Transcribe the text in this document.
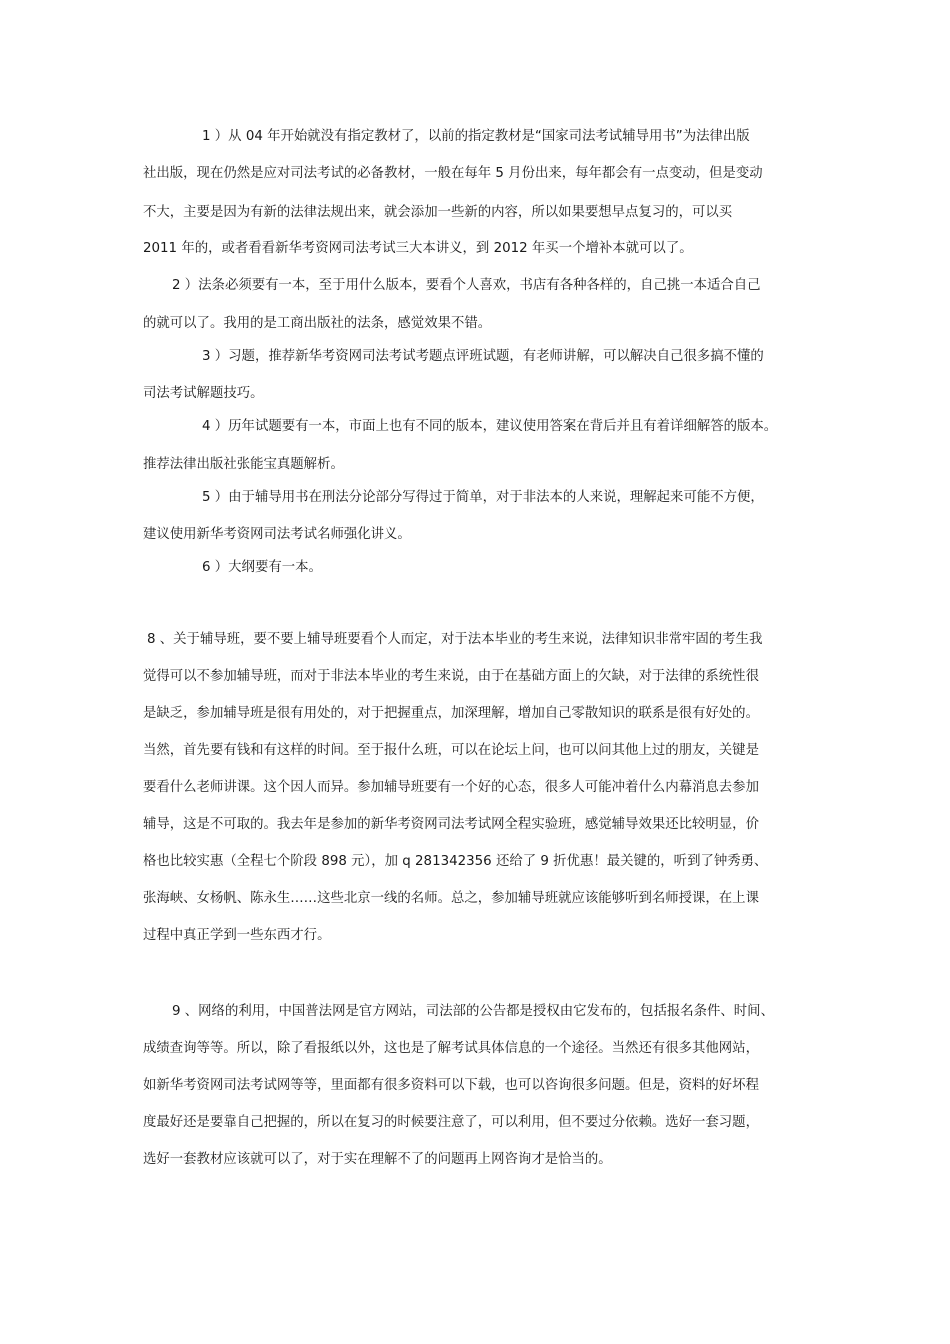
1 ）从 04 年开始就没有指定教材了，以前的指定教材是“国家司法考试辅导用书”为法律出版
社出版，现在仍然是应对司法考试的必备教材，一般在每年 5 月份出来，每年都会有一点变动，但是变动
不大，主要是因为有新的法律法规出来，就会添加一些新的内容，所以如果要想早点复习的，可以买
2011 年的，或者看看新华考资网司法考试三大本讲义，到 2012 年买一个增补本就可以了。
2 ）法条必须要有一本，至于用什么版本，要看个人喜欢，书店有各种各样的，自己挑一本适合自己
的就可以了。我用的是工商出版社的法条，感觉效果不错。
3 ）习题，推荐新华考资网司法考试考题点评班试题，有老师讲解，可以解决自己很多搞不懂的
司法考试解题技巧。
4 ）历年试题要有一本，市面上也有不同的版本，建议使用答案在背后并且有着详细解答的版本。
推荐法律出版社张能宝真题解析。
5 ）由于辅导用书在刑法分论部分写得过于简单，对于非法本的人来说，理解起来可能不方便，
建议使用新华考资网司法考试名师强化讲义。
6 ）大纲要有一本。
8 、关于辅导班，要不要上辅导班要看个人而定，对于法本毕业的考生来说，法律知识非常牢固的考生我
觉得可以不参加辅导班，而对于非法本毕业的考生来说，由于在基础方面上的欠缺，对于法律的系统性很
是缺乏，参加辅导班是很有用处的，对于把握重点，加深理解，增加自己零散知识的联系是很有好处的。
当然，首先要有钱和有这样的时间。至于报什么班，可以在论坛上问，也可以问其他上过的朋友，关键是
要看什么老师讲课。这个因人而异。参加辅导班要有一个好的心态，很多人可能冲着什么内幕消息去参加
辅导，这是不可取的。我去年是参加的新华考资网司法考试网全程实验班，感觉辅导效果还比较明显，价
格也比较实惠（全程七个阶段 898 元），加 q 281342356 还给了 9 折优惠！最关键的，听到了钟秀勇、
张海峡、女杨帆、陈永生……这些北京一线的名师。总之，参加辅导班就应该能够听到名师授课，在上课
过程中真正学到一些东西才行。
9 、网络的利用，中国普法网是官方网站，司法部的公告都是授权由它发布的，包括报名条件、时间、
成绩查询等等。所以，除了看报纸以外，这也是了解考试具体信息的一个途径。当然还有很多其他网站，
如新华考资网司法考试网等等，里面都有很多资料可以下载，也可以咨询很多问题。但是，资料的好坏程
度最好还是要靠自己把握的，所以在复习的时候要注意了，可以利用，但不要过分依赖。选好一套习题，
选好一套教材应该就可以了，对于实在理解不了的问题再上网咨询才是恰当的。
